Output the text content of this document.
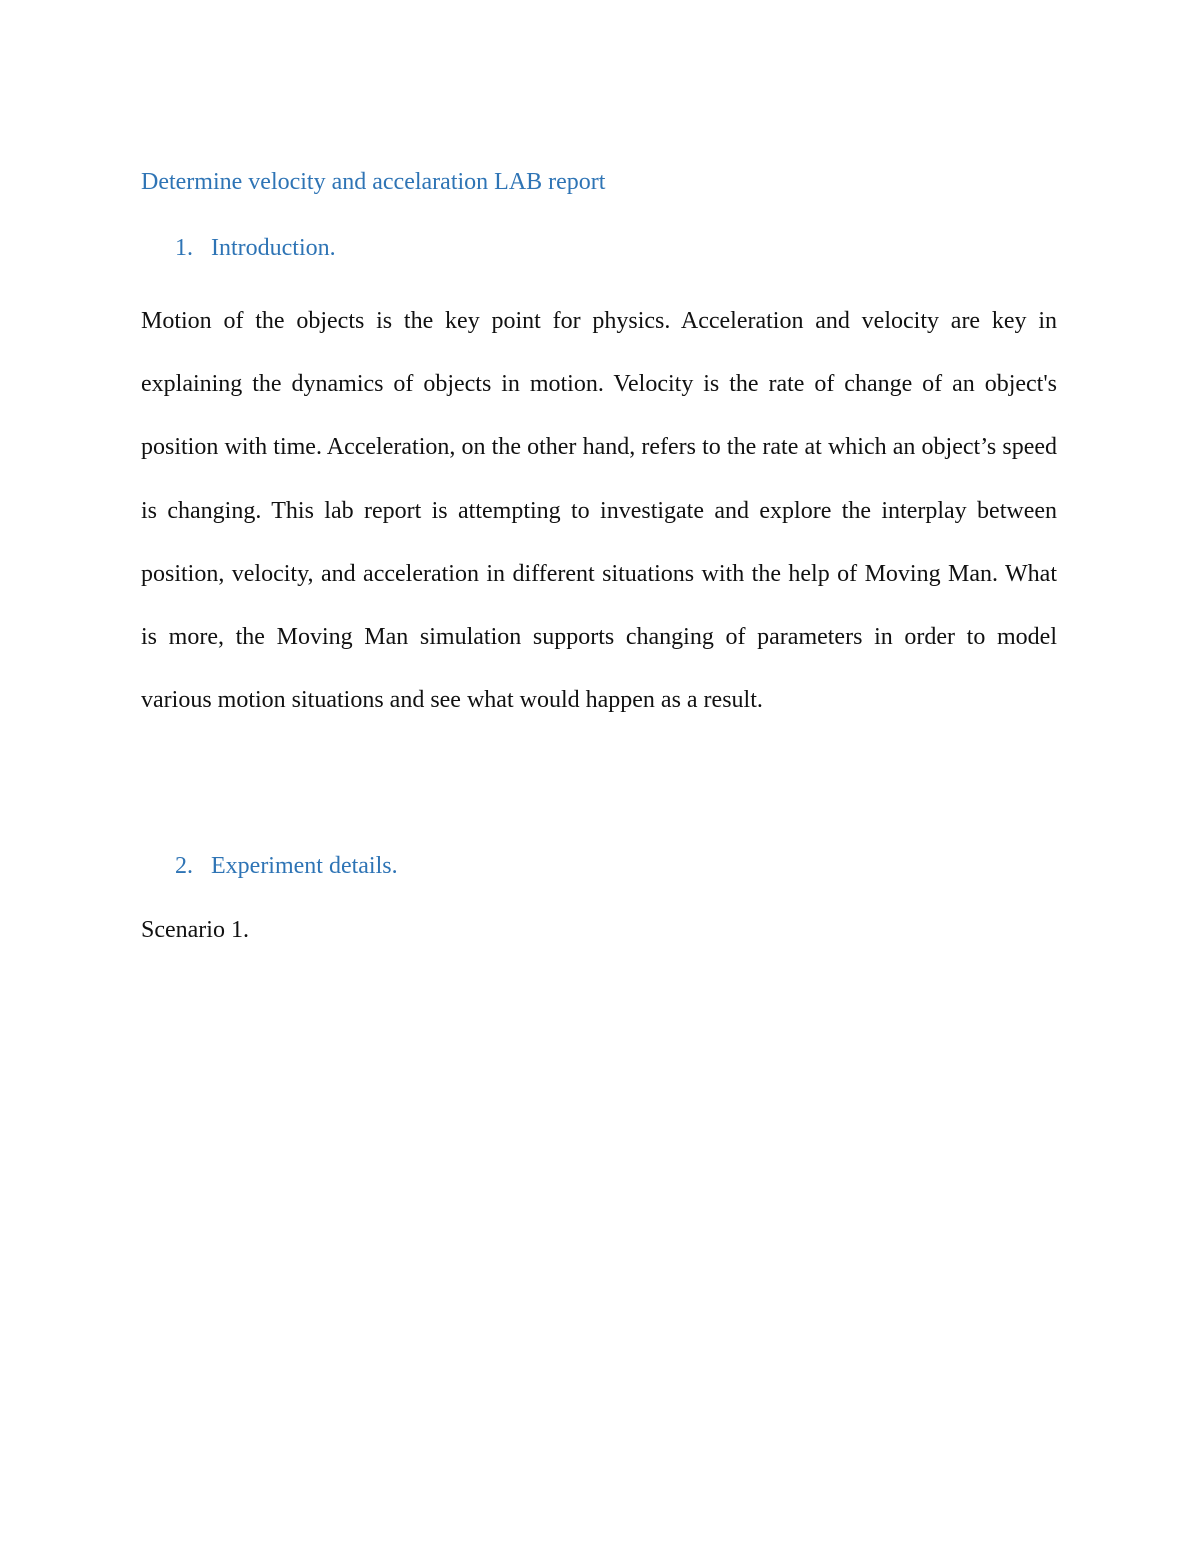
Determine velocity and accelaration LAB report
1. Introduction.

Motion of the objects is the key point for physics. Acceleration and velocity are key in explaining the dynamics of objects in motion. Velocity is the rate of change of an object's position with time. Acceleration, on the other hand, refers to the rate at which an object’s speed is changing. This lab report is attempting to investigate and explore the interplay between position, velocity, and acceleration in different situations with the help of Moving Man. What is more, the Moving Man simulation supports changing of parameters in order to model various motion situations and see what would happen as a result.

2. Experiment details.

Scenario 1.
